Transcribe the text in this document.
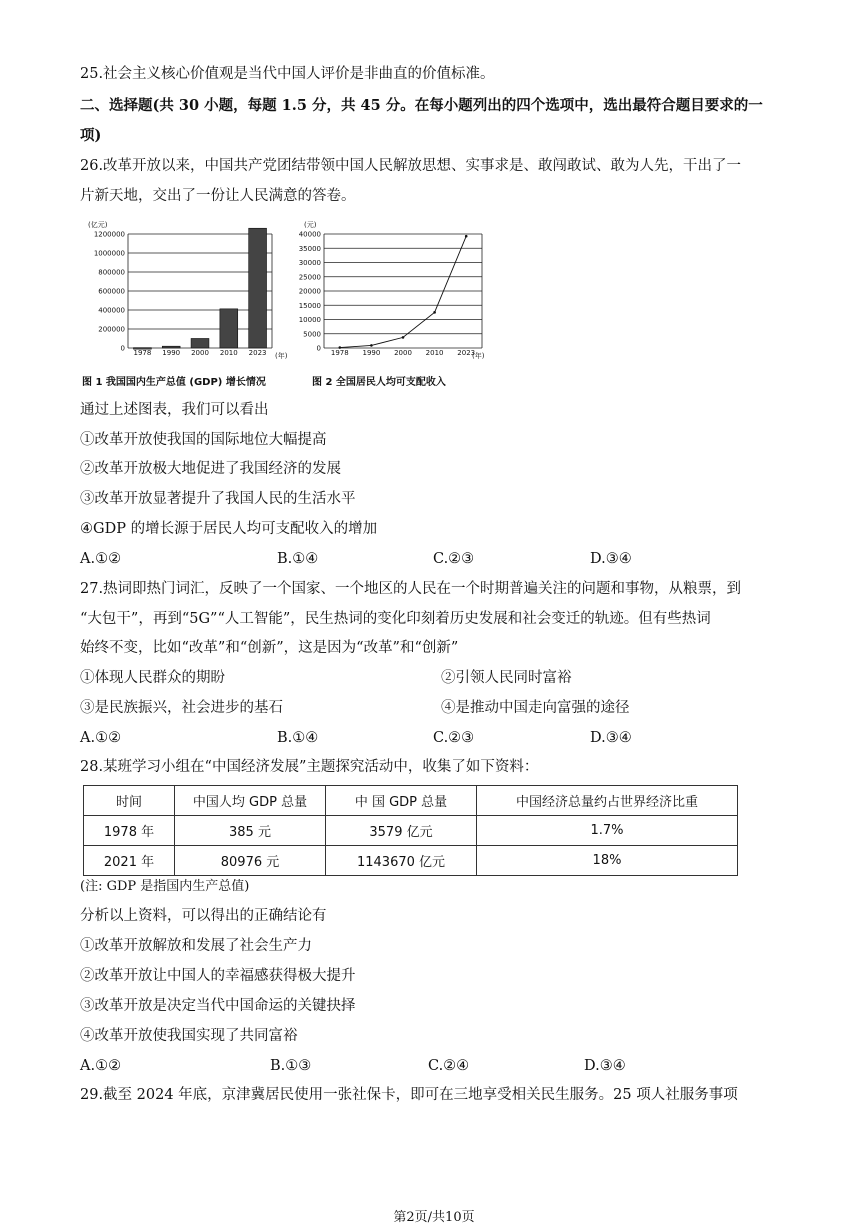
25.社会主义核心价值观是当代中国人评价是非曲直的价值标准。
二、选择题(共 30 小题，每题 1.5 分，共 45 分。在每小题列出的四个选项中，选出最符合题目要求的一
项)
26.改革开放以来，中国共产党团结带领中国人民解放思想、实事求是、敢闯敢试、敢为人先，干出了一
片新天地，交出了一份让人民满意的答卷。
(亿元)
(年)
0
200000
400000
600000
800000
1000000
1200000
1978 1990 2000 2010 2023
(元)
(年)
0
5000
10000
15000
20000
25000
30000
35000
40000
1978 1990 2000 2010 2023
图 1 我国国内生产总值 (GDP) 增长情况	图 2 全国居民人均可支配收入
通过上述图表，我们可以看出
①改革开放使我国的国际地位大幅提高
②改革开放极大地促进了我国经济的发展
③改革开放显著提升了我国人民的生活水平
④GDP 的增长源于居民人均可支配收入的增加
A.①②	B.①④	C.②③	D.③④
27.热词即热门词汇，反映了一个国家、一个地区的人民在一个时期普遍关注的问题和事物，从粮票，到
“大包干”，再到“5G”“人工智能”，民生热词的变化印刻着历史发展和社会变迁的轨迹。但有些热词
始终不变，比如“改革”和“创新”，这是因为“改革”和“创新”
①体现人民群众的期盼	②引领人民同时富裕
③是民族振兴，社会进步的基石	④是推动中国走向富强的途径
A.①②	B.①④	C.②③	D.③④
28.某班学习小组在“中国经济发展”主题探究活动中，收集了如下资料：
时间	中国人均 GDP 总量	中 国 GDP 总量	中国经济总量约占世界经济比重
1978 年	385 元	3579 亿元	1.7%
2021 年	80976 元	1143670 亿元	18%
(注: GDP 是指国内生产总值)
分析以上资料，可以得出的正确结论有
①改革开放解放和发展了社会生产力
②改革开放让中国人的幸福感获得极大提升
③改革开放是决定当代中国命运的关键抉择
④改革开放使我国实现了共同富裕
A.①②	B.①③	C.②④	D.③④
29.截至 2024 年底，京津冀居民使用一张社保卡，即可在三地享受相关民生服务。25 项人社服务事项
第2页/共10页
